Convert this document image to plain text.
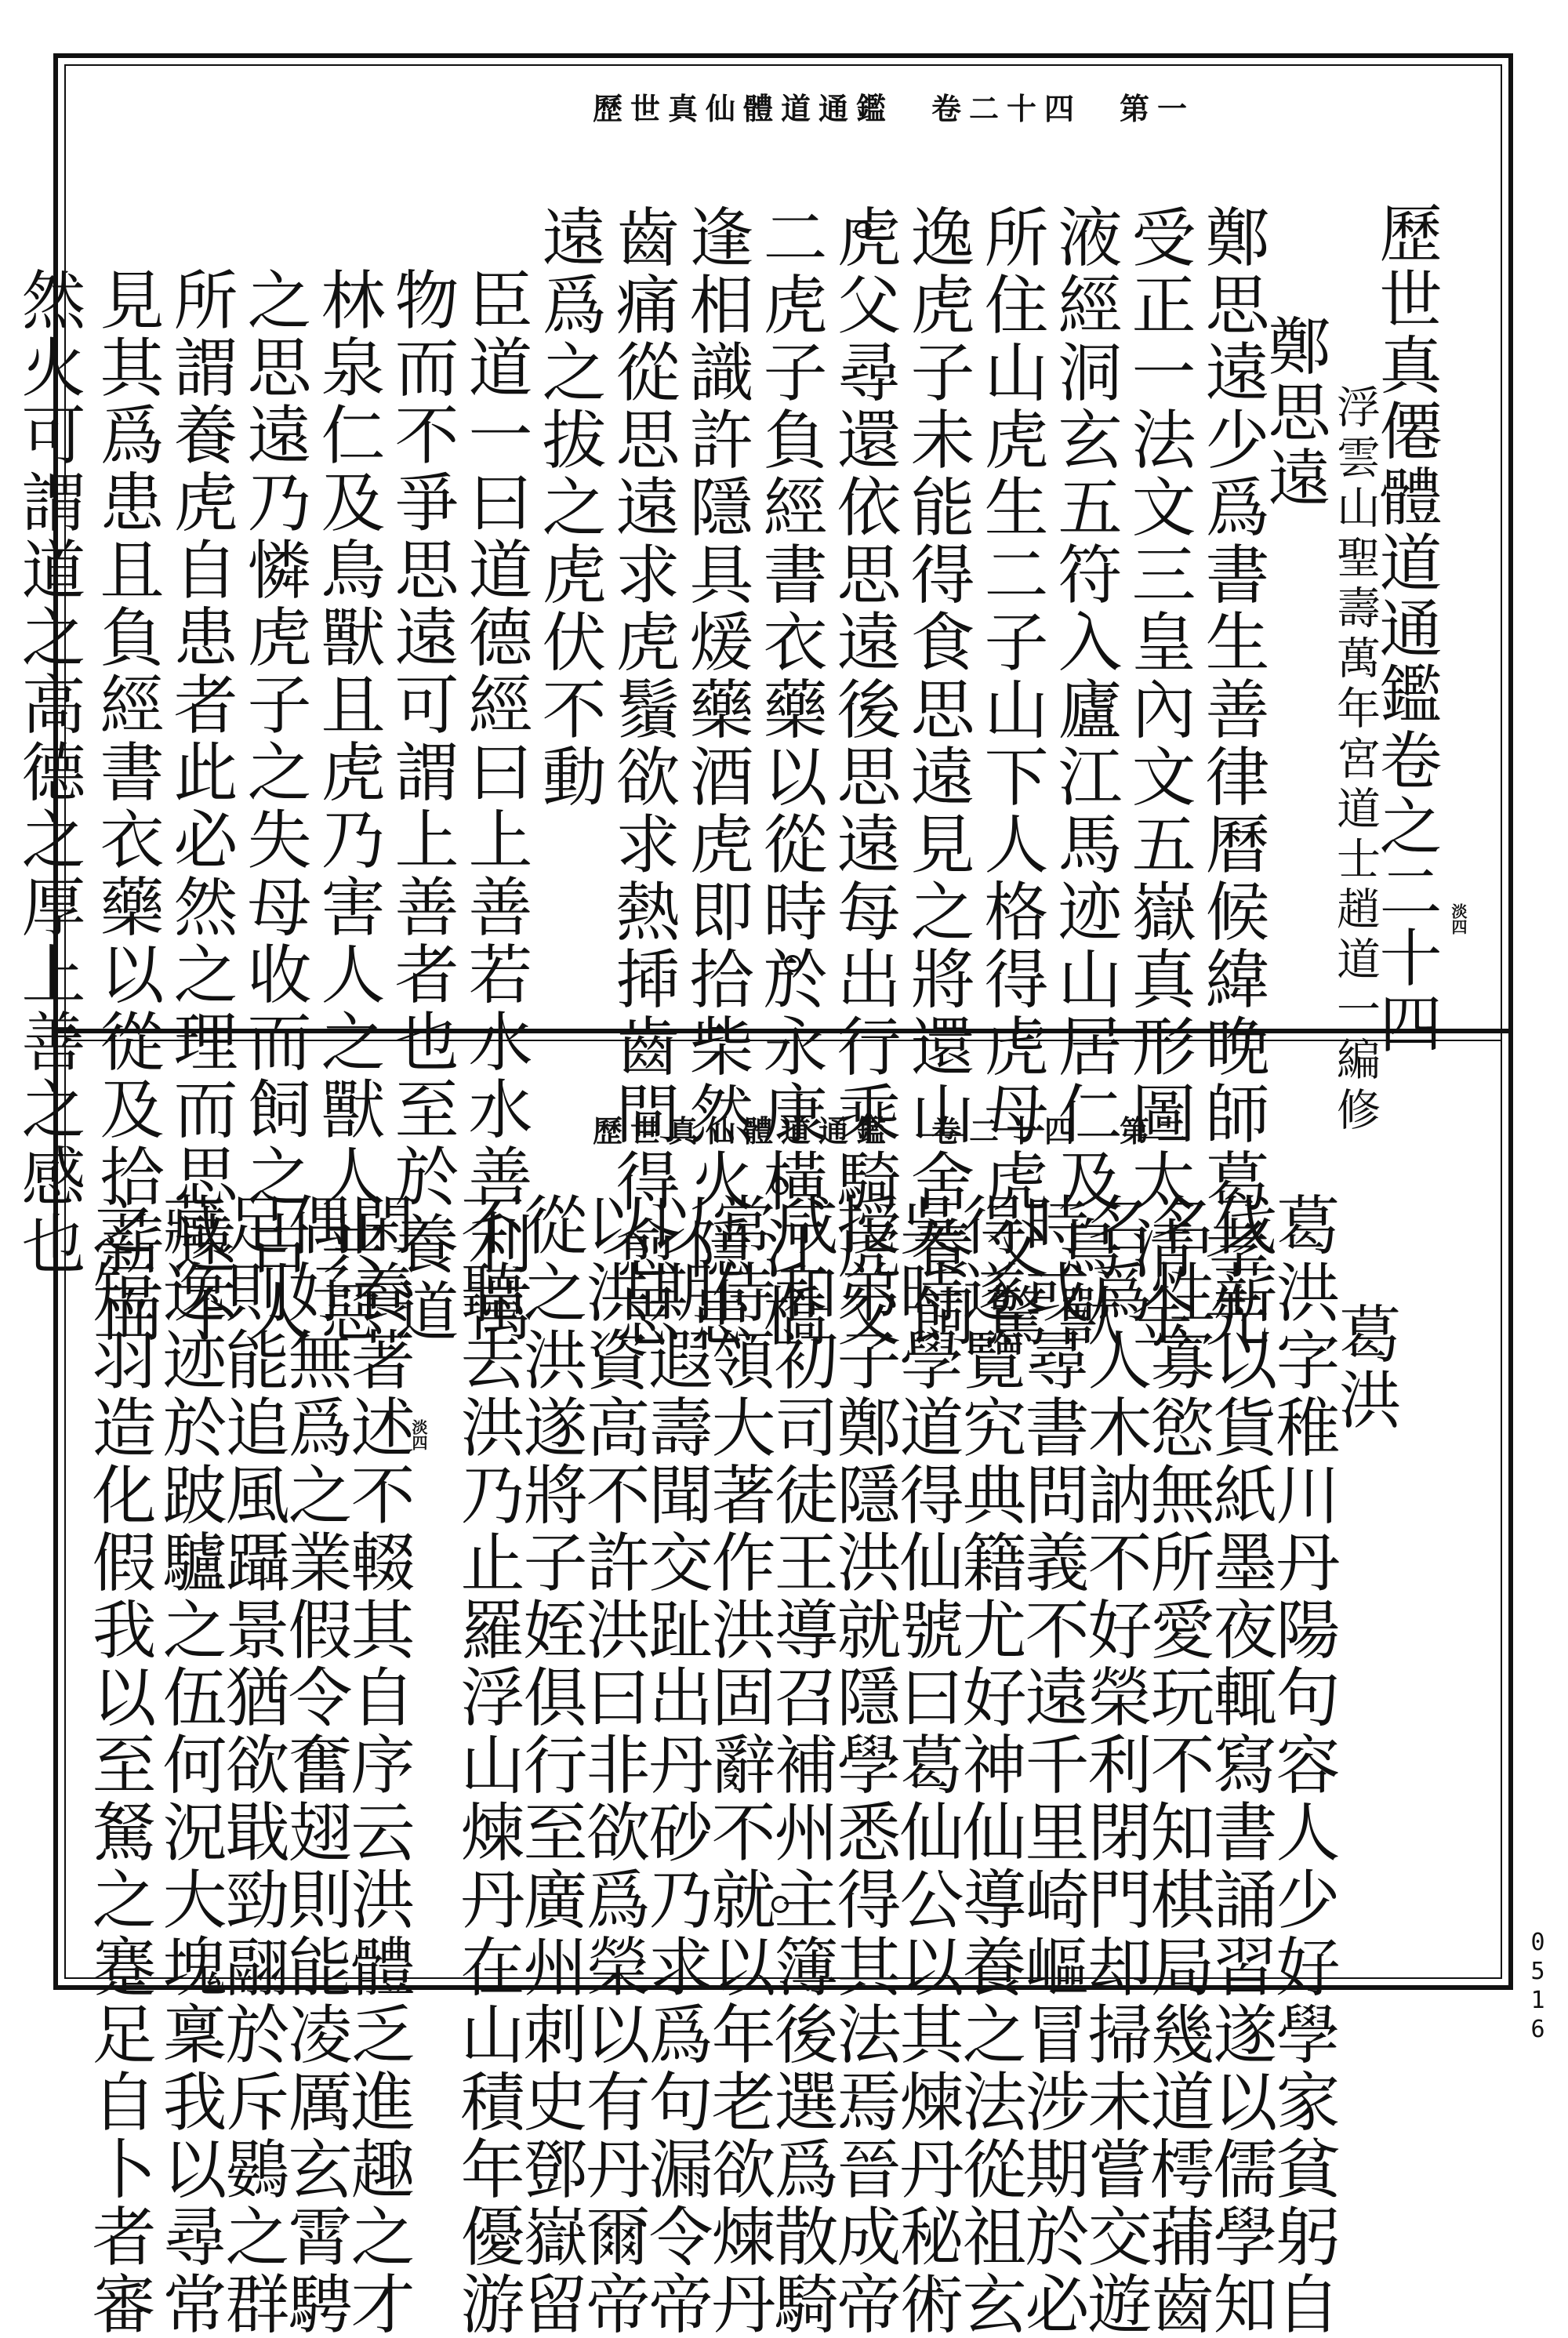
歷世真仙體道通鑑　卷二十四　第一
淡四
歷世真僊體道通鑑卷之二十四
浮雲山聖壽萬年宮道士趙道一編修
鄭思遠
鄭思遠少爲書生善律曆候緯晚師葛孝先
受正一法文三皇內文五嶽真形圖太清金
液經洞玄五符入廬江馬迹山居仁及鳥獸
所住山虎生二子山下人格得虎母虎父驚
逸虎子未能得食思遠見之將還山舍養飼
虎父尋還依思遠後思遠每出行乘騎虎父
二虎子負經書衣藥以從時於永康橫江橋
逢相識許隱具煖藥酒虎即拾柴然火隱患
齒痛從思遠求虎鬚欲求熱揷齒間得愈思
遠爲之拔之虎伏不動
臣道一曰道德經曰上善若水水善利萬
物而不爭思遠可謂上善者也至於養道
林泉仁及鳥獸且虎乃害人之獸人共惡
之思遠乃憐虎子之失母收而飼之古人
所謂養虎自患者此必然之理而思遠不
見其爲患且負經書衣藥以從及拾薪而
然火可謂道之高德之厚上善之感也	歷世真仙體道通鑑　卷二十四　第二
淡四
葛洪
葛洪字稚川丹陽句容人少好學家貧躬自
伐薪以貨紙墨夜輒寫書誦習遂以儒學知
名性寡慾無所愛玩不知棋局幾道樗蒱齒
名爲人木訥不好榮利閉門却掃未嘗交遊
時或尋書問義不遠千里崎嶇冒涉期於必
得遂覽究典籍尤好神仙導養之法從祖玄
吳時學道得仙號曰葛仙公以其煉丹秘術
授弟子鄭隱洪就隱學悉得其法焉晉成帝
咸和初司徒王導召補州主簿後選爲散騎
常侍領大著作洪固辭不就以年老欲煉丹
以期遐壽聞交趾出丹砂乃求爲句漏令帝
以洪資高不許洪曰非欲爲榮以有丹爾帝
從之洪遂將子姪俱行至廣州刺史鄧嶽留
不聽去洪乃止羅浮山煉丹在山積年優游
閑養著述不輟其自序云洪體乏進趣之才
偶好無爲之業假令奮翅則能凌厲玄霄騁
足則能追風躡景猶欲戢勁翮於斥鷃之群
藏逸迹於跛驢之伍何況大塊稟我以尋常
之短羽造化假我以至駑之蹇足自卜者審	0516
